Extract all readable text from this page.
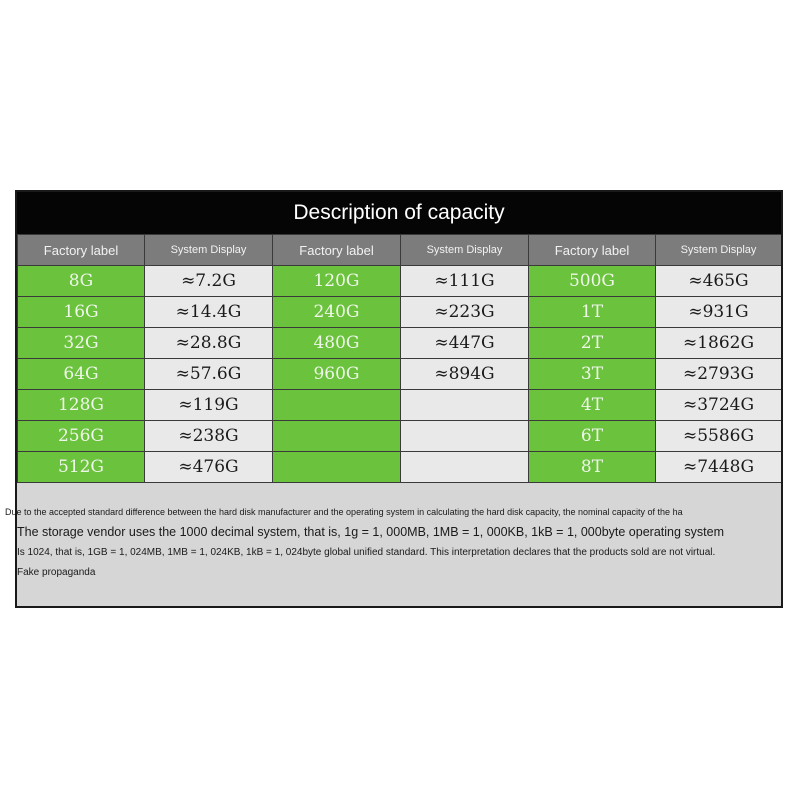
Description of capacity
Factory label	System Display	Factory label	System Display	Factory label	System Display
8G	≈7.2G	120G	≈111G	500G	≈465G
16G	≈14.4G	240G	≈223G	1T	≈931G
32G	≈28.8G	480G	≈447G	2T	≈1862G
64G	≈57.6G	960G	≈894G	3T	≈2793G
128G	≈119G			4T	≈3724G
256G	≈238G			6T	≈5586G
512G	≈476G			8T	≈7448G
Due to the accepted standard difference between the hard disk manufacturer and the operating system in calculating the hard disk capacity, the nominal capacity of the ha
The storage vendor uses the 1000 decimal system, that is, 1g = 1, 000MB, 1MB = 1, 000KB, 1kB = 1, 000byte operating system
Is 1024, that is, 1GB = 1, 024MB, 1MB = 1, 024KB, 1kB = 1, 024byte global unified standard. This interpretation declares that the products sold are not virtual.
Fake propaganda
